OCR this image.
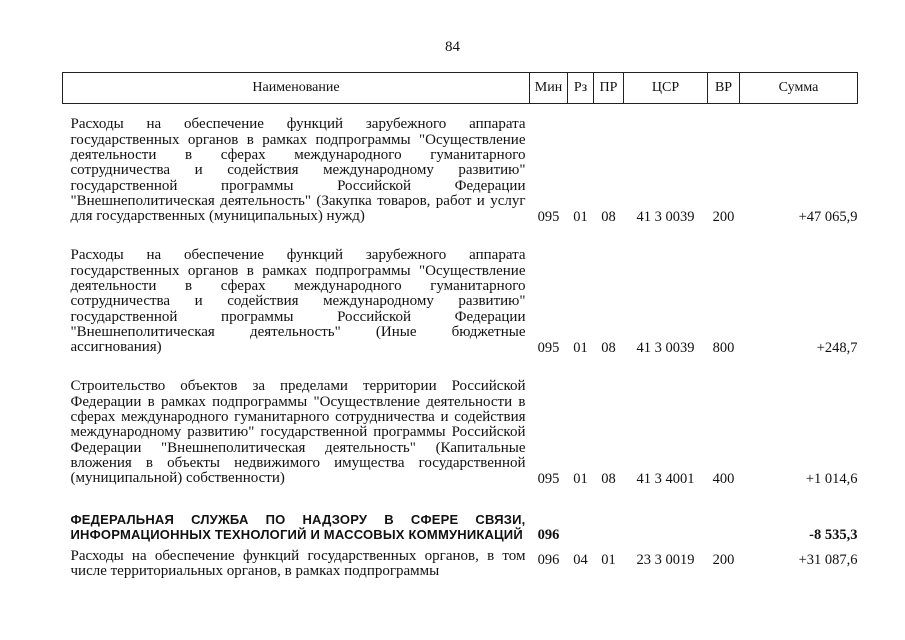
84
Наименование	Мин	Рз	ПР	ЦСР	ВР	Сумма

Расходы на обеспечение функций зарубежного аппарата государственных органов в рамках подпрограммы "Осуществление деятельности в сферах международного гуманитарного сотрудничества и содействия международному развитию" государственной программы Российской Федерации "Внешнеполитическая деятельность" (Закупка товаров, работ и услуг для государственных (муниципальных) нужд)	095	01	08	41 3 0039	200	+47 065,9

Расходы на обеспечение функций зарубежного аппарата государственных органов в рамках подпрограммы "Осуществление деятельности в сферах международного гуманитарного сотрудничества и содействия международному развитию" государственной программы Российской Федерации "Внешнеполитическая деятельность" (Иные бюджетные ассигнования)	095	01	08	41 3 0039	800	+248,7

Строительство объектов за пределами территории Российской Федерации в рамках подпрограммы "Осуществление деятельности в сферах международного гуманитарного сотрудничества и содействия международному развитию" государственной программы Российской Федерации "Внешнеполитическая деятельность" (Капитальные вложения в объекты недвижимого имущества государственной (муниципальной) собственности)	095	01	08	41 3 4001	400	+1 014,6

ФЕДЕРАЛЬНАЯ СЛУЖБА ПО НАДЗОРУ В СФЕРЕ СВЯЗИ, ИНФОРМАЦИОННЫХ ТЕХНОЛОГИЙ И МАССОВЫХ КОММУНИКАЦИЙ	096					-8 535,3

Расходы на обеспечение функций государственных органов, в том числе территориальных органов, в рамках подпрограммы	096	04	01	23 3 0019	200	+31 087,6
